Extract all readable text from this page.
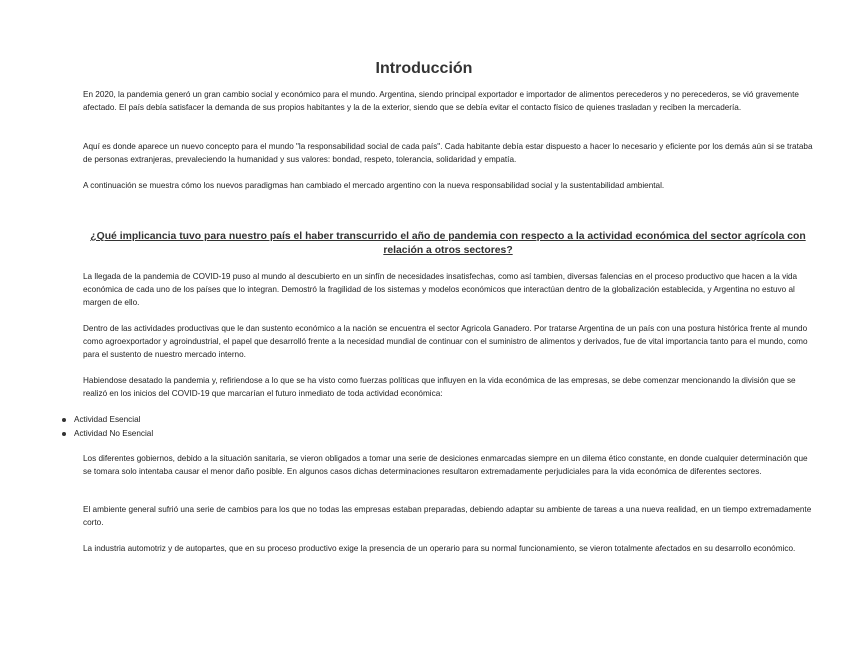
Introducción

En 2020, la pandemia generó un gran cambio social y económico para el mundo. Argentina, siendo principal exportador e importador de alimentos perecederos y no perecederos, se vió gravemente afectado. El país debía satisfacer la demanda de sus propios habitantes y la de la exterior, siendo que se debía evitar el contacto físico de quienes trasladan y reciben la mercadería.

Aquí es donde aparece un nuevo concepto para el mundo "la responsabilidad social de cada país". Cada habitante debía estar dispuesto a hacer lo necesario y eficiente por los demás aún si se trataba de personas extranjeras, prevaleciendo la humanidad y sus valores: bondad, respeto, tolerancia, solidaridad y empatía.

A continuación se muestra cómo los nuevos paradigmas han cambiado el mercado argentino con la nueva responsabilidad social y la sustentabilidad ambiental.

¿Qué implicancia tuvo para nuestro país el haber transcurrido el año de pandemia con respecto a la actividad económica del sector agrícola con relación a otros sectores?

La llegada de la pandemia de COVID-19 puso al mundo al descubierto en un sinfín de necesidades insatisfechas, como así tambien, diversas falencias en el proceso productivo que hacen a la vida económica de cada uno de los países que lo integran. Demostró la fragilidad de los sistemas y modelos económicos que interactúan dentro de la globalización establecida, y Argentina no estuvo al margen de ello.

Dentro de las actividades productivas que le dan sustento económico a la nación se encuentra el sector Agricola Ganadero. Por tratarse Argentina de un país con una postura histórica frente al mundo como agroexportador y agroindustrial, el papel que desarrolló frente a la necesidad mundial de continuar con el suministro de alimentos y derivados, fue de vital importancia tanto para el mundo, como para el sustento de nuestro mercado interno.

Habiendose desatado la pandemia y, refiriendose a lo que se ha visto como fuerzas políticas que influyen en la vida económica de las empresas, se debe comenzar mencionando la división que se realizó en los inicios del COVID-19 que marcarían el futuro inmediato de toda actividad económica:

Actividad Esencial
Actividad No Esencial

Los diferentes gobiernos, debido a la situación sanitaria, se vieron obligados a tomar una serie de desiciones enmarcadas siempre en un dilema ético constante, en donde cualquier determinación que se tomara solo intentaba causar el menor daño posible. En algunos casos dichas determinaciones resultaron extremadamente perjudiciales para la vida económica de diferentes sectores.

El ambiente general sufrió una serie de cambios para los que no todas las empresas estaban preparadas, debiendo adaptar su ambiente de tareas a una nueva realidad, en un tiempo extremadamente corto.

La industria automotriz y de autopartes, que en su proceso productivo exige la presencia de un operario para su normal funcionamiento, se vieron totalmente afectados en su desarrollo económico.
